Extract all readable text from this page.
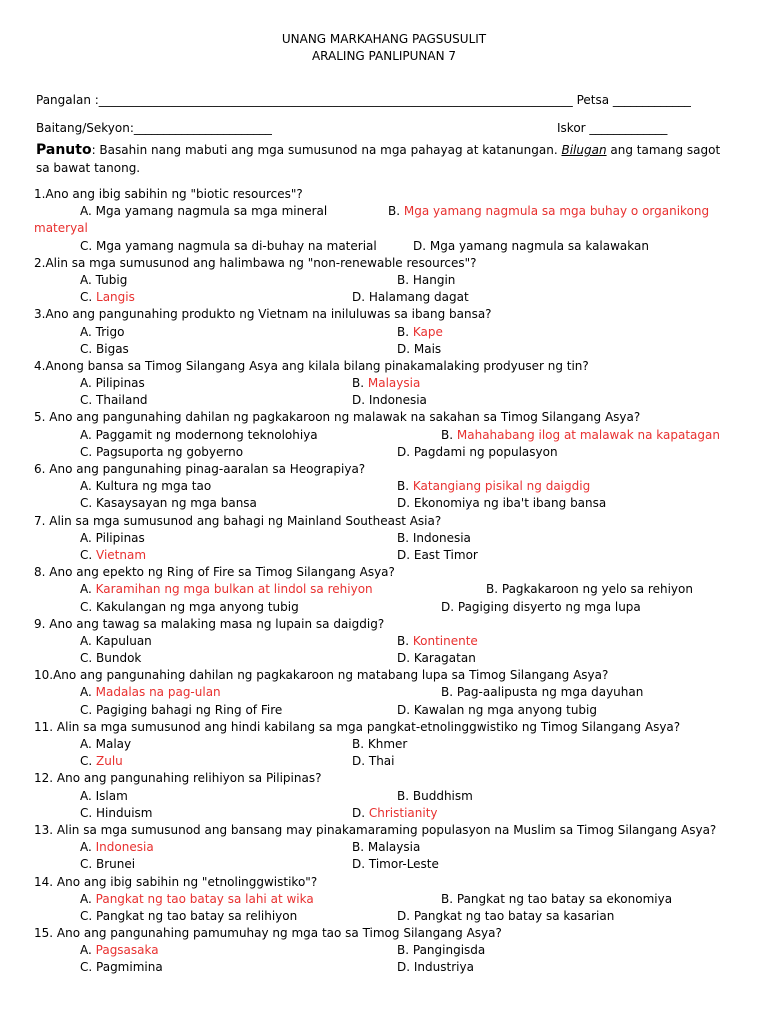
UNANG MARKAHANG PAGSUSULIT
ARALING PANLIPUNAN 7
Pangalan :_______________________________________________________________________________ Petsa _____________
Baitang/Sekyon:_______________________	Iskor _____________
Panuto: Basahin nang mabuti ang mga sumusunod na mga pahayag at katanungan. Bilugan ang tamang sagot sa bawat tanong.
1.Ano ang ibig sabihin ng "biotic resources"?
A. Mga yamang nagmula sa mga mineral	B. Mga yamang nagmula sa mga buhay o organikong
materyal
C. Mga yamang nagmula sa di-buhay na material	D. Mga yamang nagmula sa kalawakan
2.Alin sa mga sumusunod ang halimbawa ng "non-renewable resources"?
A. Tubig	B. Hangin
C. Langis	D. Halamang dagat
3.Ano ang pangunahing produkto ng Vietnam na iniluluwas sa ibang bansa?
A. Trigo	B. Kape
C. Bigas	D. Mais
4.Anong bansa sa Timog Silangang Asya ang kilala bilang pinakamalaking prodyuser ng tin?
A. Pilipinas	B. Malaysia
C. Thailand	D. Indonesia
5. Ano ang pangunahing dahilan ng pagkakaroon ng malawak na sakahan sa Timog Silangang Asya?
A. Paggamit ng modernong teknolohiya	B. Mahahabang ilog at malawak na kapatagan
C. Pagsuporta ng gobyerno	D. Pagdami ng populasyon
6. Ano ang pangunahing pinag-aaralan sa Heograpiya?
A. Kultura ng mga tao	B. Katangiang pisikal ng daigdig
C. Kasaysayan ng mga bansa	D. Ekonomiya ng iba't ibang bansa
7. Alin sa mga sumusunod ang bahagi ng Mainland Southeast Asia?
A. Pilipinas	B. Indonesia
C. Vietnam	D. East Timor
8. Ano ang epekto ng Ring of Fire sa Timog Silangang Asya?
A. Karamihan ng mga bulkan at lindol sa rehiyon	B. Pagkakaroon ng yelo sa rehiyon
C. Kakulangan ng mga anyong tubig	D. Pagiging disyerto ng mga lupa
9. Ano ang tawag sa malaking masa ng lupain sa daigdig?
A. Kapuluan	B. Kontinente
C. Bundok	D. Karagatan
10.Ano ang pangunahing dahilan ng pagkakaroon ng matabang lupa sa Timog Silangang Asya?
A. Madalas na pag-ulan	B. Pag-aalipusta ng mga dayuhan
C. Pagiging bahagi ng Ring of Fire	D. Kawalan ng mga anyong tubig
11. Alin sa mga sumusunod ang hindi kabilang sa mga pangkat-etnolinggwistiko ng Timog Silangang Asya?
A. Malay	B. Khmer
C. Zulu	D. Thai
12. Ano ang pangunahing relihiyon sa Pilipinas?
A. Islam	B. Buddhism
C. Hinduism	D. Christianity
13. Alin sa mga sumusunod ang bansang may pinakamaraming populasyon na Muslim sa Timog Silangang Asya?
A. Indonesia	B. Malaysia
C. Brunei	D. Timor-Leste
14. Ano ang ibig sabihin ng "etnolinggwistiko"?
A. Pangkat ng tao batay sa lahi at wika	B. Pangkat ng tao batay sa ekonomiya
C. Pangkat ng tao batay sa relihiyon	D. Pangkat ng tao batay sa kasarian
15. Ano ang pangunahing pamumuhay ng mga tao sa Timog Silangang Asya?
A. Pagsasaka	B. Pangingisda
C. Pagmimina	D. Industriya
